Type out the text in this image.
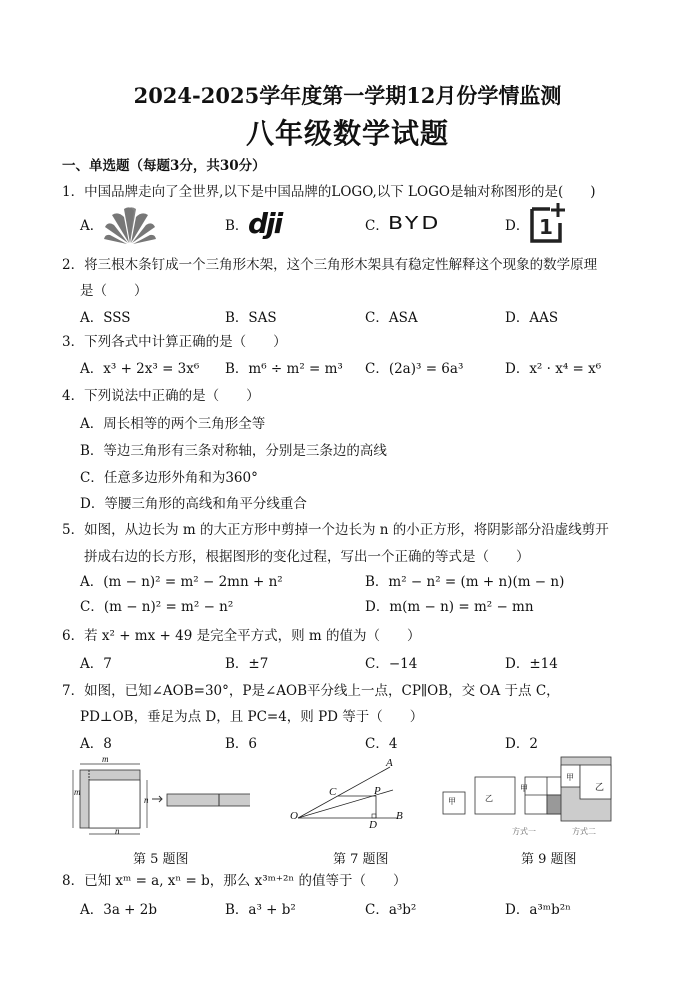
2024-2025学年度第一学期12月份学情监测
八年级数学试题
一、单选题（每题3分，共30分）
1．中国品牌走向了全世界,以下是中国品牌的LOGO,以下 LOGO是轴对称图形的是(　　)
A．	B． dji	C． BYD	D． 1
2．将三根木条钉成一个三角形木架，这个三角形木架具有稳定性解释这个现象的数学原理
是（　　）
A．SSS	B．SAS	C．ASA	D．AAS
3．下列各式中计算正确的是（　　）
A．x³ + 2x³ = 3x⁶ B．m⁶ ÷ m² = m³ C．(2a)³ = 6a³	D．x² · x⁴ = x⁶
4．下列说法中正确的是（　　）
A．周长相等的两个三角形全等
B．等边三角形有三条对称轴，分别是三条边的高线
C．任意多边形外角和为360°
D．等腰三角形的高线和角平分线重合
5．如图，从边长为 m 的大正方形中剪掉一个边长为 n 的小正方形，将阴影部分沿虚线剪开
拼成右边的长方形，根据图形的变化过程，写出一个正确的等式是（　　）
A．(m − n)² = m² − 2mn + n²	B．m² − n² = (m + n)(m − n)
C．(m − n)² = m² − n²	D．m(m − n) = m² − mn
6．若 x² + mx + 49 是完全平方式，则 m 的值为（　　）
A．7	B．±7	C．−14	D．±14
7．如图，已知∠AOB=30°，P是∠AOB平分线上一点，CP∥OB，交 OA 于点 C，
PD⊥OB，垂足为点 D，且 PC=4，则 PD 等于（　　）
A．8	B．6	C．4	D．2
m
m
n
n
第 5 题图
A
C	P
O
D
B
第 7 题图
甲	乙
甲
甲
乙
方式一	方式二
第 9 题图
8．已知 xᵐ = a, xⁿ = b，那么 x³ᵐ⁺²ⁿ 的值等于（　　）
A．3a + 2b	B．a³ + b²	C．a³b²	D．a³ᵐb²ⁿ
